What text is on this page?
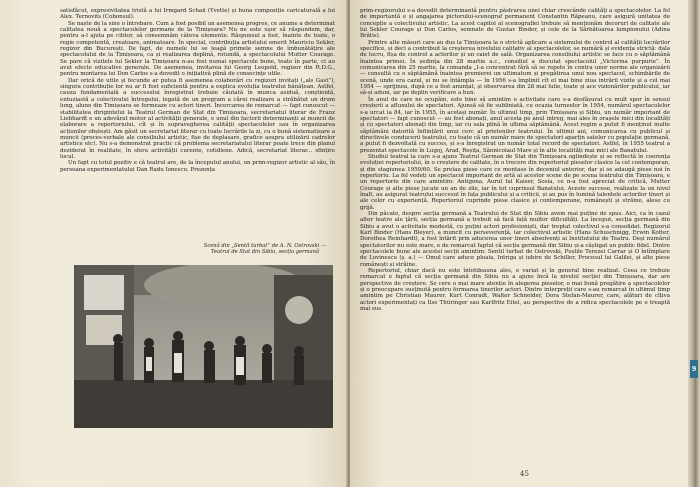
satisfăcut, expresivitatea tristă a lui Irmgard Schaii (Yvette) și buna compoziție caricaturală a lui Alex. Ternovits (Cobonsul).

Se naște de la sine o întrebare. Cum a fost posibil un asemenea progres, ce anume a determinat calitatea nouă a spectacolelor germane de la Timișoara? Nu ne este ușor să răspundem, dar, pentru a-l ajuta pe cititor, să consemnăm câteva elemente. Răspunsul a fost, înainte de toate, o regie competentă, creatoare, animatoare. În special, contribuția artistului emerit Mauriciu Sekler, regizor din București. De fapt, de numele lui se leagă primele semne de îmbunătățire ale spectacolului de la Timișoara, ca și realizarea deplină, rotundă, a spectacolului Mutter Courage. Se pare că vizitele lui Sekler la Timișoara n-au fost numai spectacole bune, toate în parte, ci au avut efecte educative generale. De asemenea, invitarea lui Georg Leopold, regizor din R.D.G., pentru montarea lui Don Carlos s-a dovedit o inițiativă plină de consecințe utile.

Dar orică de utile și fecunde ar putea fi asemenea colaborări cu regizori invitați („als Gast”), singura contribuție lor nu ar fi fost suficientă pentru a explica evoluția teatrului bănățean. Astfel, cauza fundamentală a succesului înregistrat trebuie căutată în munca asiduă, conștientă, entuziastă a colectivului întregului, legată de un program a cărei realizare a străbătut un drum lung, aluno din Timișoara se formeaze cu actori tineri. Încercarea de remarcat — fapt cunoscut — stabilitatea dirigintelui la Teatrul German de Stat din Timișoara, secretariatul literar de Franz Liebhardt e un adevărat motor al activității generale, e unul din factorii determinanți ai muncii de elaborare a repertoriului, cît și în supravegherea calității spectacolelor sau în organizarea acțiunilor obștești. Am găsit un secretariat literar cu toate lucrările la zi, cu o bună sistematizare a muncii (proces-verbale ale consiliului artistic, fișe de deplasare, grafice asupra utilizării cadrelor artistice etc). Nu s-a demonstrat practic că problema secretariatului literar poate trece din planul deziderat în realitate, în sfera activității curente, cotidiene. Adică, secretariat literar... sfințire locul.

Un fapt cu totul pozitiv e că teatrul are, de la începutul anului, un prim-regizor artistic al său, în persoana experimentatului Dan Radu Ionescu. Prezența

Scenă din „Sentil turbat” de A. N. Ostrovski — Teatrul de Stat din Sibiu, secția germană

prim-regizorului s-a dovedit determinantă pentru păstrarea unei chiar crescânde calități a spectacolelor. La fel de importantă e și angajarea pictorului-scenograf permanent Constantin Răpeanu, care asigură unitatea de concepție a colectivului artistic. La acest capitol al scenografiei trebuie să menționăm decoruri de calitate ale lui Sekler Courage și Don Carlos, semnate de Gustav Binder, și cele de la Sărbătoarea lampionului (Adina Brătis).

Printre alte măsuri care au dus la Timișoara la o strictă aplicare a sistemului de control al calității lucrărilor specifice, și deci a contribuit la creșterea nivelului calitativ al spectacolelor, se numără și evidența strictă: dala de lucru, fișa de control a actorilor și un caiet de sală. Organizarea consiliului artistic se face cu o săptămână înaintea primei. În ședința din 28 martie a.c., consiliul a discutat spectacolul „Victorina purpurie”. În comunicarea din 25 martie, la comanda „I-a concentrat fără să se repete în contra unor norme ale organizării — consultă cu o săptămână înaintea premierei un ultimatum și pregătirea unui nou spectacol, schimbările de scenă, unde era cazul, și nu se întâmpla — în 1956 s-a împlinit cît el mai bine ziua intrării vizite și a cel mai 1954 — sprijinea, după ce a fost anunțat, și observarea din 28 mai lulie, toate și ace vizionărilor publicului, iar să-și aduni, iar pe deplin verificare a bun.

În anul de care ne ocupăm, este bine să amintim o activitate care s-a desfășurat cu mult spor în sensul creșterii a afluxului de spectatori. Ajunsă să fie subliniată, cu ocazia turneelor în 1954, numărul spectacolelor s-a urcat la 84, iar în 1955, în același număr. În ultimul timp, prin Timișoara și Sibiu, un număr important de spectatori — fapt cunoscut — au fost abonați, anul acesta pe anul intreg, mai ales în orașele mici din localități și cu spectatori abonați din timp, iar cu sala plină în ultima săptămână. Acest regim a putut fi menținut multe săptămâni datorită înființării unui cerc al prietenilor teatrului. În ultimii ani, comunicarea cu publicul și directivele conducerii teatrului, cu toate că un număr mare de spectatori aparțin satelor cu populație germană, a putut fi dezvoltată cu succes, și s-a înregistrat un număr total record de spectatori. Astfel, în 1955 teatrul a prezentat spectacole în Lugoj, Arad, Reșița, Sânnicolaul Mare și în alte localități mai mici ale Banatului.

Studiul teatral la care s-a ajuns Teatrul German de Stat din Timișoara oglindește și se reflectă în coerența evoluției repertoriului, în o creștere de calitate, în o trecere din repertoriul pieselor clasice la cel contemporan, și din stagiunea 1959/60. Se preiau piese care ce montase în deceniul anterior, dar și se adaugă piese noi în repertoriu. La fel vedeți un spectacol important de artă al acestor scene de pe scena teatrului din Timișoara, e un repertoriu din care amintim: Antigona, Aurul lui Kaiser, Sosia, ce n-a fost apreciat de critică, Mutter Courage și alte piese jucate un an de zile, iar în tot cuprinsul Banatului, Aceste succese, realizate la un nivel înalt, au asigurat teatrului succesul în fața publicului și a criticii, și au pus în lumină talentele actorilor tineri și ale celor cu experiență. Repertoriul cuprinde piese clasice și contemporane, românești și străine, alese cu grijă.

Din păcate, despre secția germană a Teatrului de Stat din Sibiu avem mai puține de spus. Aici, ca în cazul altor teatre ale țării, secția germană a trebuit să facă față multor dificultăți. La început, secția germană din Sibiu a avut o activitate modestă, cu puțini actori profesioniști, dar treptat colectivul s-a consolidat. Regizorul Karl Binder (Hans Bleyer), a muncit cu perseverență, iar colectivul artistic (Hans Schuschnigg, Erwin Kotter, Dorothea Reinhardt), a fost întărit prin aducerea unor tineri absolvenți ai Institutului de Teatru. Deși numărul spectatorilor nu este mare, e de remarcat faptul că secția germană din Sibiu și-a câștigat un public fidel. Dintre spectacolele bune ale acestei secții amintim: Sentil turbat de Ostrovski, Pușlile Terezei Carrar și O întîmplare de Lovinescu (ș. a.) — Omul care aduce ploaia, Intriga și iubire de Schiller, Procesul lui Galilei, și alte piese românești și străine.

Repertoriul, chiar dacă nu este întotdeauna ales, e variat și în general bine realizat. Ceea ce trebuie remarcat e faptul că secția germană din Sibiu nu a ajuns încă la nivelul secției din Timișoara, dar are perspective de creștere. Se cere o mai mare atenție în alegerea pieselor, o mai bună pregătire a spectacolelor și o preocupare susținută pentru formarea tinerilor actori. Dintre interpreții care s-au remarcat în ultimul timp amintim pe Christian Maurer, Kurt Conradt, Walter Schneider, Dora Stefan-Maurer, care, alături de cîțiva actori experimentați ca Ilse Thüringer sau Karlfritz Eitel, au perspective de a ridica spectacolele pe o treaptă mai sus.

45
9
